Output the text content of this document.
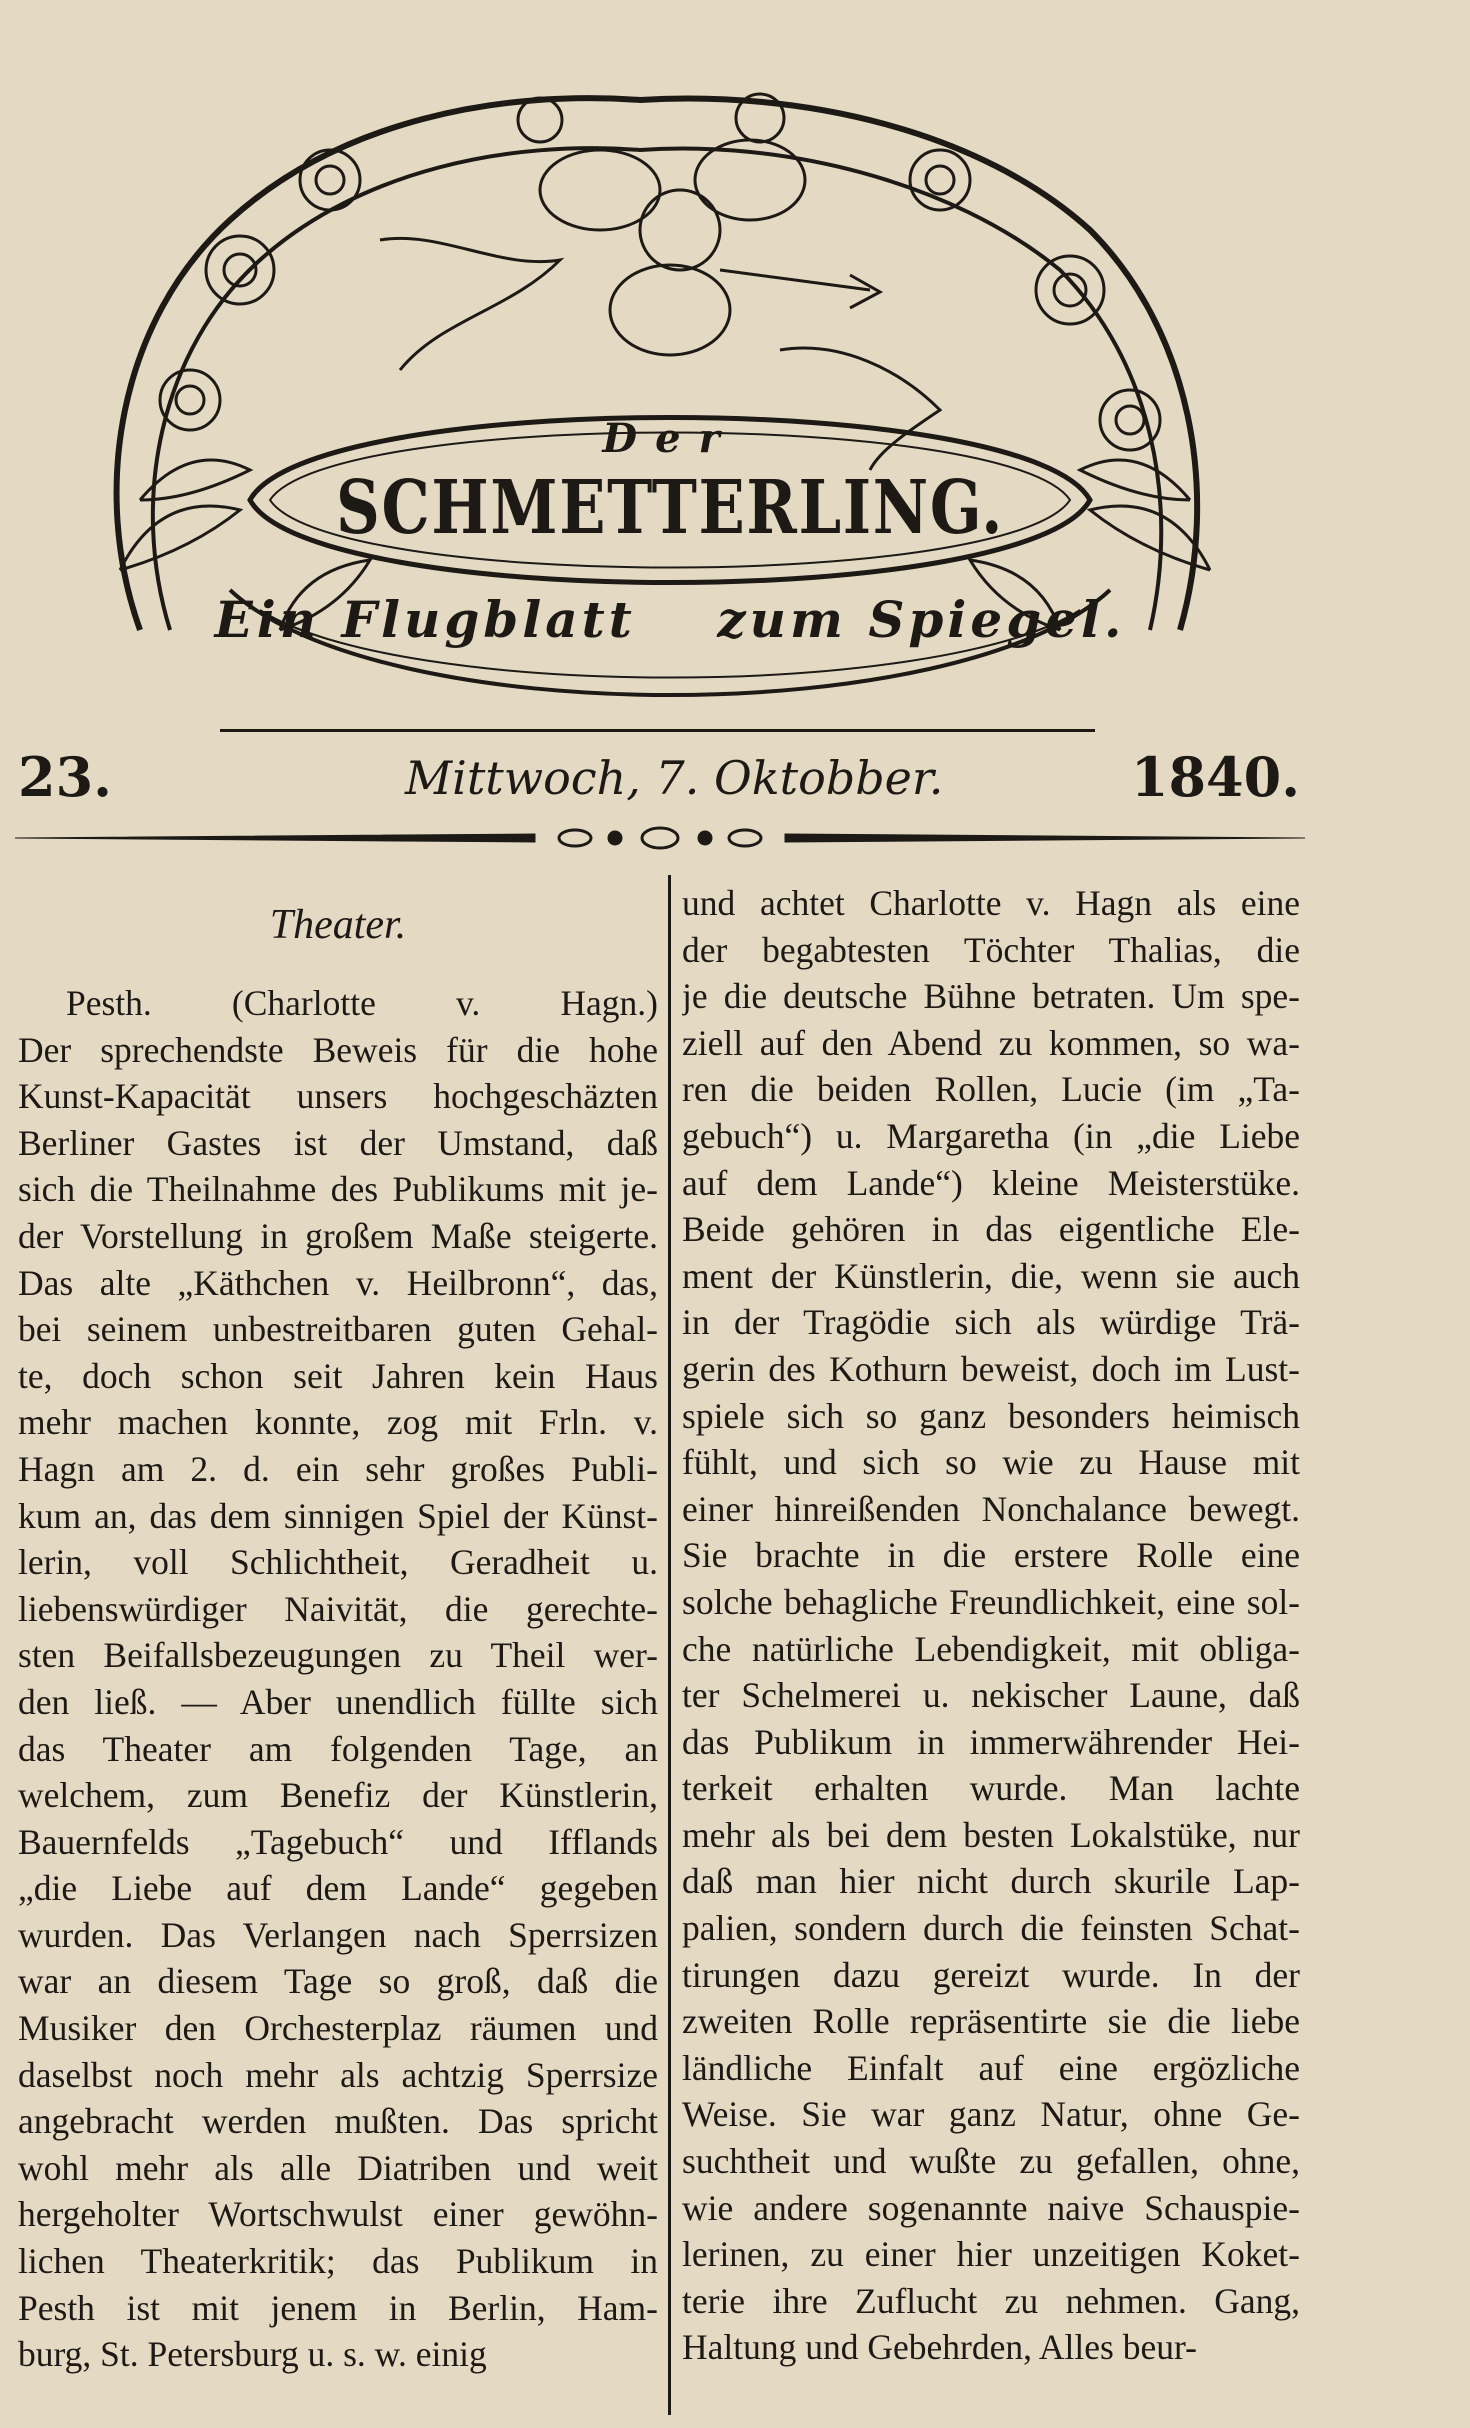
Der
SCHMETTERLING.
Ein Flugblatt zum Spiegel.
23.	Mittwoch, 7. Oktobber.	1840.
Theater.
Pesth. (Charlotte v. Hagn.)
Der sprechendste Beweis für die hohe
Kunst-Kapacität unsers hochgeschäzten
Berliner Gastes ist der Umstand, daß
sich die Theilnahme des Publikums mit je-
der Vorstellung in großem Maße steigerte.
Das alte „Käthchen v. Heilbronn“, das,
bei seinem unbestreitbaren guten Gehal-
te, doch schon seit Jahren kein Haus
mehr machen konnte, zog mit Frln. v.
Hagn am 2. d. ein sehr großes Publi-
kum an, das dem sinnigen Spiel der Künst-
lerin, voll Schlichtheit, Geradheit u.
liebenswürdiger Naivität, die gerechte-
sten Beifallsbezeugungen zu Theil wer-
den ließ. — Aber unendlich füllte sich
das Theater am folgenden Tage, an
welchem, zum Benefiz der Künstlerin,
Bauernfelds „Tagebuch“ und Ifflands
„die Liebe auf dem Lande“ gegeben
wurden. Das Verlangen nach Sperrsizen
war an diesem Tage so groß, daß die
Musiker den Orchesterplaz räumen und
daselbst noch mehr als achtzig Sperrsize
angebracht werden mußten. Das spricht
wohl mehr als alle Diatriben und weit
hergeholter Wortschwulst einer gewöhn-
lichen Theaterkritik; das Publikum in
Pesth ist mit jenem in Berlin, Ham-
burg, St. Petersburg u. s. w. einig
und achtet Charlotte v. Hagn als eine
der begabtesten Töchter Thalias, die
je die deutsche Bühne betraten. Um spe-
ziell auf den Abend zu kommen, so wa-
ren die beiden Rollen, Lucie (im „Ta-
gebuch“) u. Margaretha (in „die Liebe
auf dem Lande“) kleine Meisterstüke.
Beide gehören in das eigentliche Ele-
ment der Künstlerin, die, wenn sie auch
in der Tragödie sich als würdige Trä-
gerin des Kothurn beweist, doch im Lust-
spiele sich so ganz besonders heimisch
fühlt, und sich so wie zu Hause mit
einer hinreißenden Nonchalance bewegt.
Sie brachte in die erstere Rolle eine
solche behagliche Freundlichkeit, eine sol-
che natürliche Lebendigkeit, mit obliga-
ter Schelmerei u. nekischer Laune, daß
das Publikum in immerwährender Hei-
terkeit erhalten wurde. Man lachte
mehr als bei dem besten Lokalstüke, nur
daß man hier nicht durch skurile Lap-
palien, sondern durch die feinsten Schat-
tirungen dazu gereizt wurde. In der
zweiten Rolle repräsentirte sie die liebe
ländliche Einfalt auf eine ergözliche
Weise. Sie war ganz Natur, ohne Ge-
suchtheit und wußte zu gefallen, ohne,
wie andere sogenannte naive Schauspie-
lerinen, zu einer hier unzeitigen Koket-
terie ihre Zuflucht zu nehmen. Gang,
Haltung und Gebehrden, Alles beur-
